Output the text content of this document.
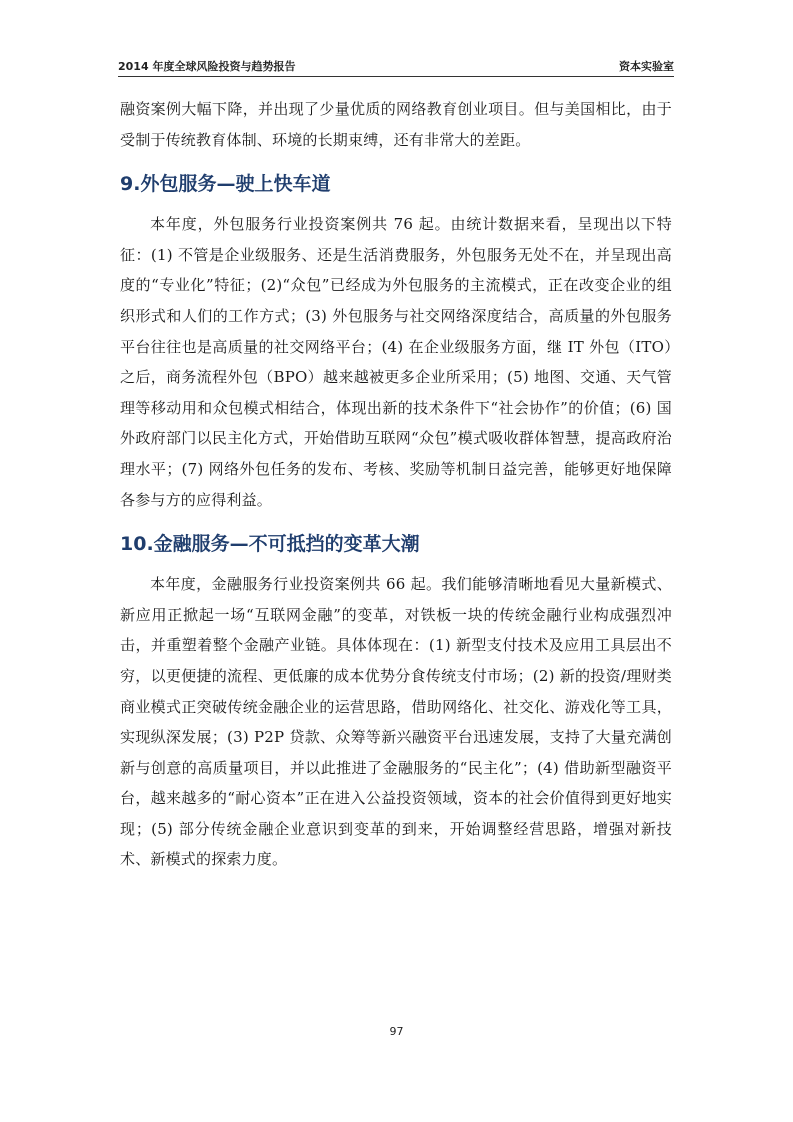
2014 年度全球风险投资与趋势报告	资本实验室

融资案例大幅下降，并出现了少量优质的网络教育创业项目。但与美国相比，由于受制于传统教育体制、环境的长期束缚，还有非常大的差距。

9.外包服务—驶上快车道

本年度，外包服务行业投资案例共 76 起。由统计数据来看，呈现出以下特征：(1) 不管是企业级服务、还是生活消费服务，外包服务无处不在，并呈现出高度的“专业化”特征；(2)“众包”已经成为外包服务的主流模式，正在改变企业的组织形式和人们的工作方式；(3) 外包服务与社交网络深度结合，高质量的外包服务平台往往也是高质量的社交网络平台；(4) 在企业级服务方面，继 IT 外包（ITO）之后，商务流程外包（BPO）越来越被更多企业所采用；(5) 地图、交通、天气管理等移动用和众包模式相结合，体现出新的技术条件下“社会协作”的价值；(6) 国外政府部门以民主化方式，开始借助互联网“众包”模式吸收群体智慧，提高政府治理水平；(7) 网络外包任务的发布、考核、奖励等机制日益完善，能够更好地保障各参与方的应得利益。

10.金融服务—不可抵挡的变革大潮

本年度，金融服务行业投资案例共 66 起。我们能够清晰地看见大量新模式、新应用正掀起一场“互联网金融”的变革，对铁板一块的传统金融行业构成强烈冲击，并重塑着整个金融产业链。具体体现在：(1) 新型支付技术及应用工具层出不穷，以更便捷的流程、更低廉的成本优势分食传统支付市场；(2) 新的投资/理财类商业模式正突破传统金融企业的运营思路，借助网络化、社交化、游戏化等工具，实现纵深发展；(3) P2P 贷款、众筹等新兴融资平台迅速发展，支持了大量充满创新与创意的高质量项目，并以此推进了金融服务的“民主化”；(4) 借助新型融资平台，越来越多的“耐心资本”正在进入公益投资领域，资本的社会价值得到更好地实现；(5) 部分传统金融企业意识到变革的到来，开始调整经营思路，增强对新技术、新模式的探索力度。

97
